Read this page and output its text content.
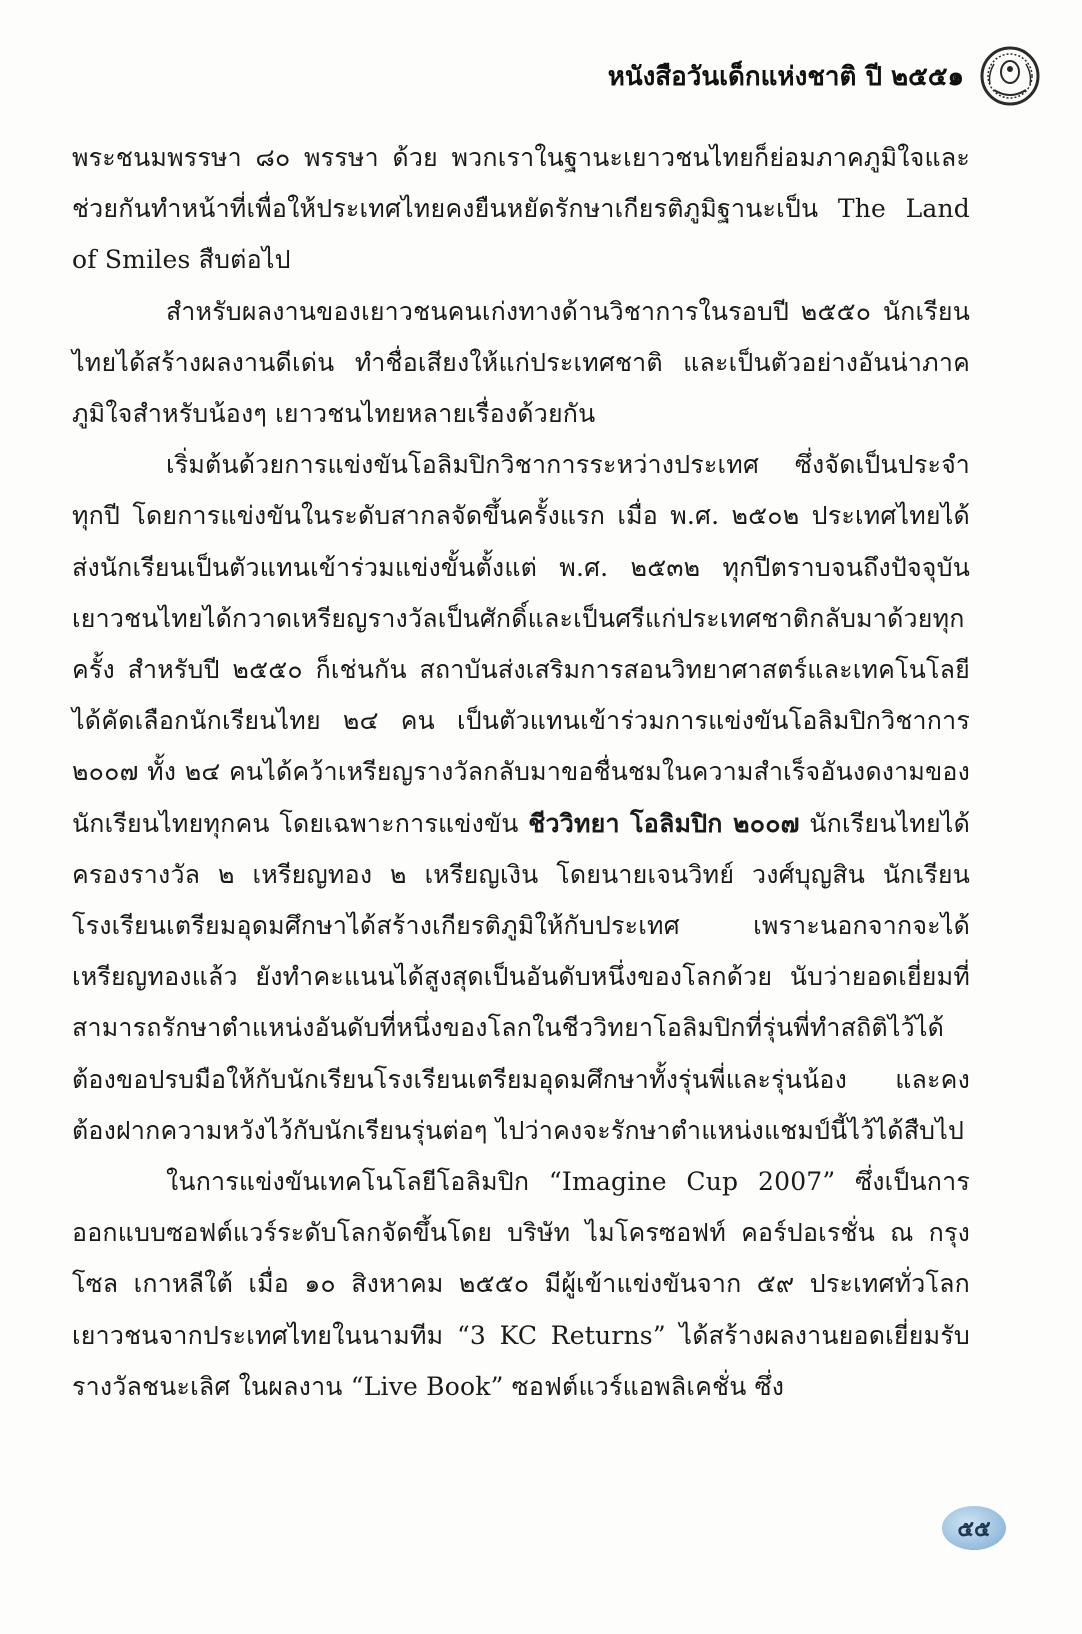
หนังสือวันเด็กแห่งชาติ ปี ๒๕๕๑

พระชนมพรรษา ๘๐ พรรษา ด้วย พวกเราในฐานะเยาวชนไทยก็ย่อมภาคภูมิใจและช่วยกันทำหน้าที่เพื่อให้ประเทศไทยคงยืนหยัดรักษาเกียรติภูมิฐานะเป็น The Land of Smiles สืบต่อไป

สำหรับผลงานของเยาวชนคนเก่งทางด้านวิชาการในรอบปี ๒๕๕๐ นักเรียนไทยได้สร้างผลงานดีเด่น ทำชื่อเสียงให้แก่ประเทศชาติ และเป็นตัวอย่างอันน่าภาคภูมิใจสำหรับน้องๆ เยาวชนไทยหลายเรื่องด้วยกัน

เริ่มต้นด้วยการแข่งขันโอลิมปิกวิชาการระหว่างประเทศ ซึ่งจัดเป็นประจำทุกปี โดยการแข่งขันในระดับสากลจัดขึ้นครั้งแรก เมื่อ พ.ศ. ๒๕๐๒ ประเทศไทยได้ส่งนักเรียนเป็นตัวแทนเข้าร่วมแข่งขั้นตั้งแต่ พ.ศ. ๒๕๓๒ ทุกปีตราบจนถึงปัจจุบัน เยาวชนไทยได้กวาดเหรียญรางวัลเป็นศักดิ์และเป็นศรีแก่ประเทศชาติกลับมาด้วยทุกครั้ง สำหรับปี ๒๕๕๐ ก็เช่นกัน สถาบันส่งเสริมการสอนวิทยาศาสตร์และเทคโนโลยีได้คัดเลือกนักเรียนไทย ๒๔ คน เป็นตัวแทนเข้าร่วมการแข่งขันโอลิมปิกวิชาการ ๒๐๐๗ ทั้ง ๒๔ คนได้คว้าเหรียญรางวัลกลับมาขอชื่นชมในความสำเร็จอันงดงามของนักเรียนไทยทุกคน โดยเฉพาะการแข่งขัน ชีววิทยา โอลิมปิก ๒๐๐๗ นักเรียนไทยได้ครองรางวัล ๒ เหรียญทอง ๒ เหรียญเงิน โดยนายเจนวิทย์ วงศ์บุญสิน นักเรียนโรงเรียนเตรียมอุดมศึกษาได้สร้างเกียรติภูมิให้กับประเทศ เพราะนอกจากจะได้เหรียญทองแล้ว ยังทำคะแนนได้สูงสุดเป็นอันดับหนึ่งของโลกด้วย นับว่ายอดเยี่ยมที่สามารถรักษาตำแหน่งอันดับที่หนึ่งของโลกในชีววิทยาโอลิมปิกที่รุ่นพี่ทำสถิติไว้ได้ ต้องขอปรบมือให้กับนักเรียนโรงเรียนเตรียมอุดมศึกษาทั้งรุ่นพี่และรุ่นน้อง และคงต้องฝากความหวังไว้กับนักเรียนรุ่นต่อๆ ไปว่าคงจะรักษาตำแหน่งแชมป์นี้ไว้ได้สืบไป

ในการแข่งขันเทคโนโลยีโอลิมปิก “Imagine Cup 2007” ซึ่งเป็นการออกแบบซอฟต์แวร์ระดับโลกจัดขึ้นโดย บริษัท ไมโครซอฟท์ คอร์ปอเรชั่น ณ กรุงโซล เกาหลีใต้ เมื่อ ๑๐ สิงหาคม ๒๕๕๐ มีผู้เข้าแข่งขันจาก ๕๙ ประเทศทั่วโลก เยาวชนจากประเทศไทยในนามทีม “3 KC Returns” ได้สร้างผลงานยอดเยี่ยมรับรางวัลชนะเลิศ ในผลงาน “Live Book” ซอฟต์แวร์แอพลิเคชั่น ซึ่ง

๕๕
